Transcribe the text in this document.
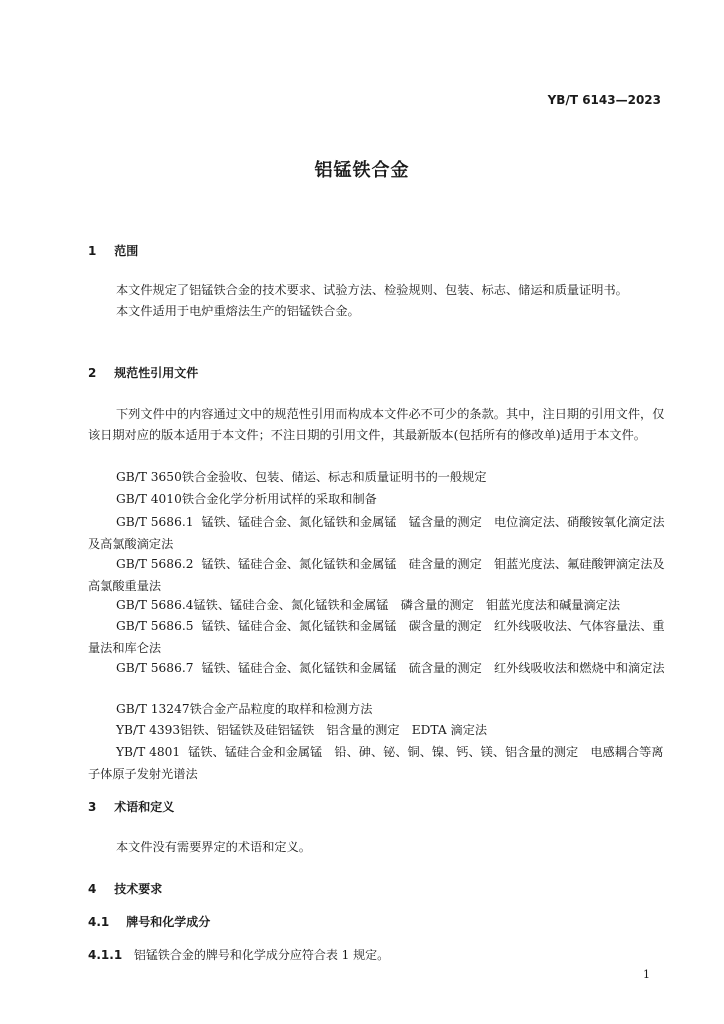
YB/T 6143—2023
铝锰铁合金
1 范围
本文件规定了铝锰铁合金的技术要求、试验方法、检验规则、包装、标志、储运和质量证明书。
本文件适用于电炉重熔法生产的铝锰铁合金。
2 规范性引用文件
下列文件中的内容通过文中的规范性引用而构成本文件必不可少的条款。其中，注日期的引用文件，仅该日期对应的版本适用于本文件；不注日期的引用文件，其最新版本(包括所有的修改单)适用于本文件。
GB/T 3650铁合金验收、包装、储运、标志和质量证明书的一般规定
GB/T 4010铁合金化学分析用试样的采取和制备
GB/T 5686.1 锰铁、锰硅合金、氮化锰铁和金属锰　锰含量的测定　电位滴定法、硝酸铵氧化滴定法及高氯酸滴定法
GB/T 5686.2 锰铁、锰硅合金、氮化锰铁和金属锰　硅含量的测定　钼蓝光度法、氟硅酸钾滴定法及高氯酸重量法
GB/T 5686.4锰铁、锰硅合金、氮化锰铁和金属锰　磷含量的测定　钼蓝光度法和碱量滴定法
GB/T 5686.5 锰铁、锰硅合金、氮化锰铁和金属锰　碳含量的测定　红外线吸收法、气体容量法、重量法和库仑法
GB/T 5686.7 锰铁、锰硅合金、氮化锰铁和金属锰　硫含量的测定　红外线吸收法和燃烧中和滴定法
GB/T 13247铁合金产品粒度的取样和检测方法
YB/T 4393铝铁、铝锰铁及硅铝锰铁　铝含量的测定　EDTA 滴定法
YB/T 4801 锰铁、锰硅合金和金属锰　铅、砷、铋、铜、镍、钙、镁、铝含量的测定　电感耦合等离子体原子发射光谱法
3 术语和定义
本文件没有需要界定的术语和定义。
4 技术要求
4.1 牌号和化学成分
4.1.1 铝锰铁合金的牌号和化学成分应符合表 1 规定。
1
